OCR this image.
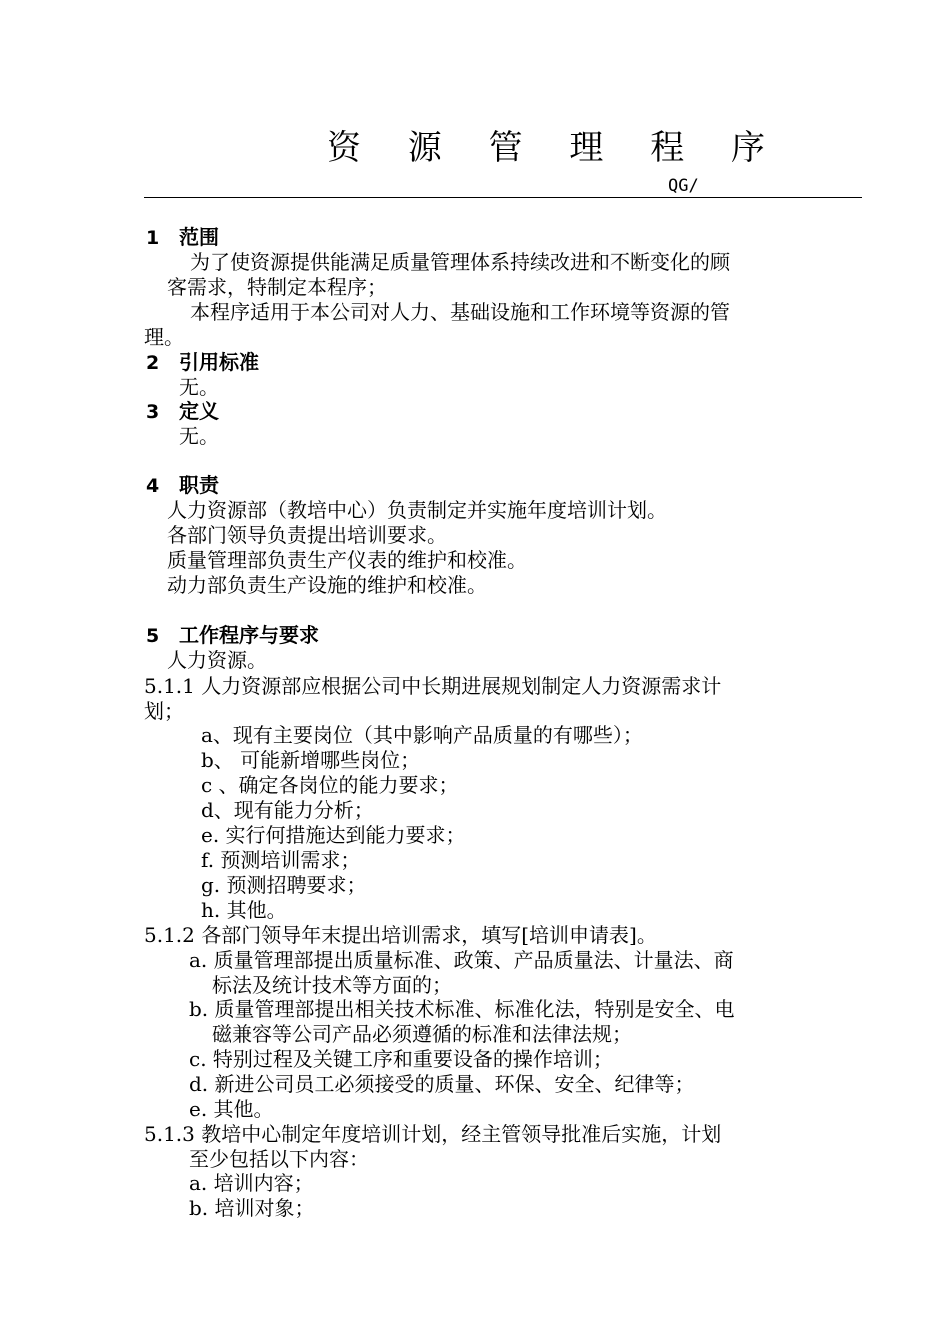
资 源 管 理 程 序
QG/
1 范围
为了使资源提供能满足质量管理体系持续改进和不断变化的顾
客需求，特制定本程序；
本程序适用于本公司对人力、基础设施和工作环境等资源的管
理。
2 引用标准
无。
3 定义
无。
4 职责
人力资源部（教培中心）负责制定并实施年度培训计划。
各部门领导负责提出培训要求。
质量管理部负责生产仪表的维护和校准。
动力部负责生产设施的维护和校准。
5 工作程序与要求
人力资源。
5.1.1 人力资源部应根据公司中长期进展规划制定人力资源需求计
划；
a、现有主要岗位（其中影响产品质量的有哪些）；
b、 可能新增哪些岗位；
c 、确定各岗位的能力要求；
d、现有能力分析；
e. 实行何措施达到能力要求；
f. 预测培训需求；
g. 预测招聘要求；
h. 其他。
5.1.2 各部门领导年末提出培训需求，填写[培训申请表]。
a. 质量管理部提出质量标准、政策、产品质量法、计量法、商
标法及统计技术等方面的；
b. 质量管理部提出相关技术标准、标准化法，特别是安全、电
磁兼容等公司产品必须遵循的标准和法律法规；
c. 特别过程及关键工序和重要设备的操作培训；
d. 新进公司员工必须接受的质量、环保、安全、纪律等；
e. 其他。
5.1.3 教培中心制定年度培训计划，经主管领导批准后实施，计划
至少包括以下内容：
a. 培训内容；
b. 培训对象；
